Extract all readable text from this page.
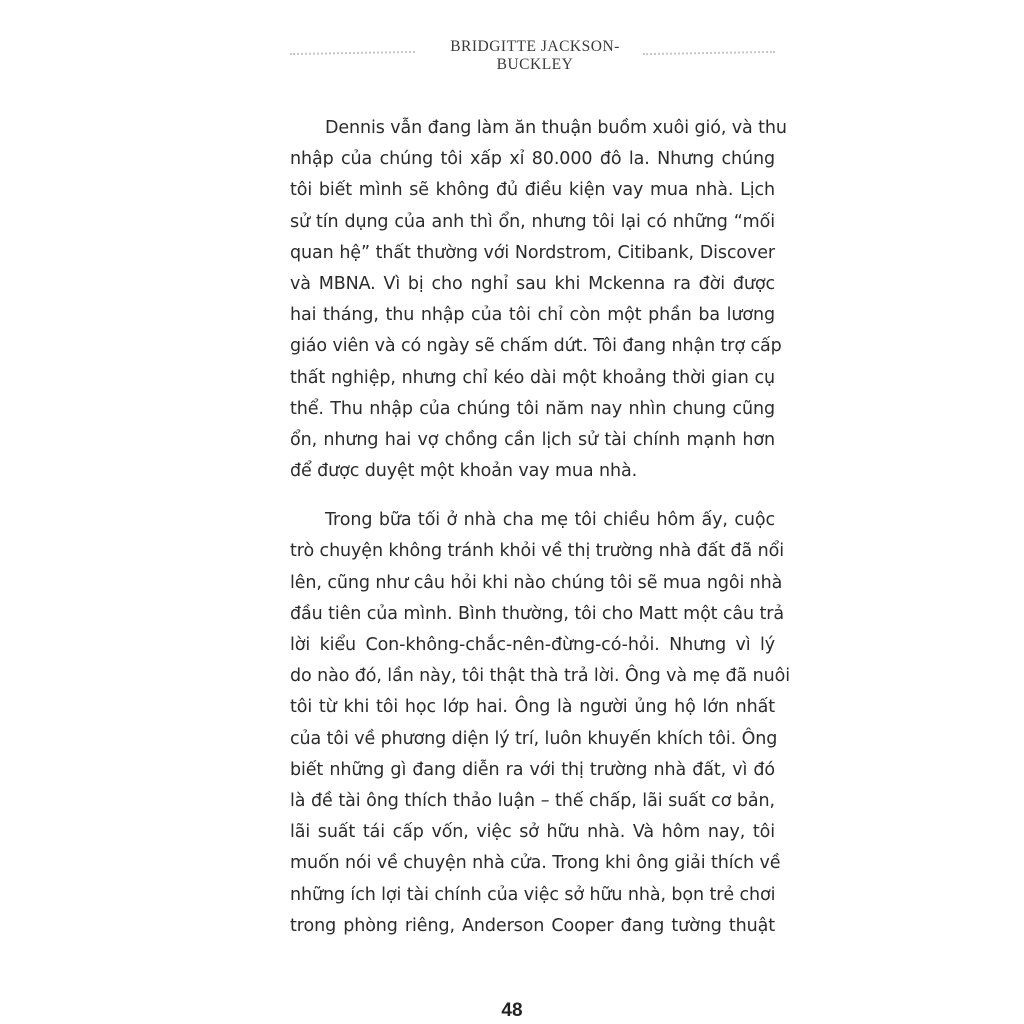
BRIDGITTE JACKSON-BUCKLEY
Dennis vẫn đang làm ăn thuận buồm xuôi gió, và thu
nhập của chúng tôi xấp xỉ 80.000 đô la. Nhưng chúng
tôi biết mình sẽ không đủ điều kiện vay mua nhà. Lịch
sử tín dụng của anh thì ổn, nhưng tôi lại có những “mối
quan hệ” thất thường với Nordstrom, Citibank, Discover
và MBNA. Vì bị cho nghỉ sau khi Mckenna ra đời được
hai tháng, thu nhập của tôi chỉ còn một phần ba lương
giáo viên và có ngày sẽ chấm dứt. Tôi đang nhận trợ cấp
thất nghiệp, nhưng chỉ kéo dài một khoảng thời gian cụ
thể. Thu nhập của chúng tôi năm nay nhìn chung cũng
ổn, nhưng hai vợ chồng cần lịch sử tài chính mạnh hơn
để được duyệt một khoản vay mua nhà.
Trong bữa tối ở nhà cha mẹ tôi chiều hôm ấy, cuộc
trò chuyện không tránh khỏi về thị trường nhà đất đã nổi
lên, cũng như câu hỏi khi nào chúng tôi sẽ mua ngôi nhà
đầu tiên của mình. Bình thường, tôi cho Matt một câu trả
lời kiểu Con-không-chắc-nên-đừng-có-hỏi. Nhưng vì lý
do nào đó, lần này, tôi thật thà trả lời. Ông và mẹ đã nuôi
tôi từ khi tôi học lớp hai. Ông là người ủng hộ lớn nhất
của tôi về phương diện lý trí, luôn khuyến khích tôi. Ông
biết những gì đang diễn ra với thị trường nhà đất, vì đó
là đề tài ông thích thảo luận – thế chấp, lãi suất cơ bản,
lãi suất tái cấp vốn, việc sở hữu nhà. Và hôm nay, tôi
muốn nói về chuyện nhà cửa. Trong khi ông giải thích về
những ích lợi tài chính của việc sở hữu nhà, bọn trẻ chơi
trong phòng riêng, Anderson Cooper đang tường thuật
48
